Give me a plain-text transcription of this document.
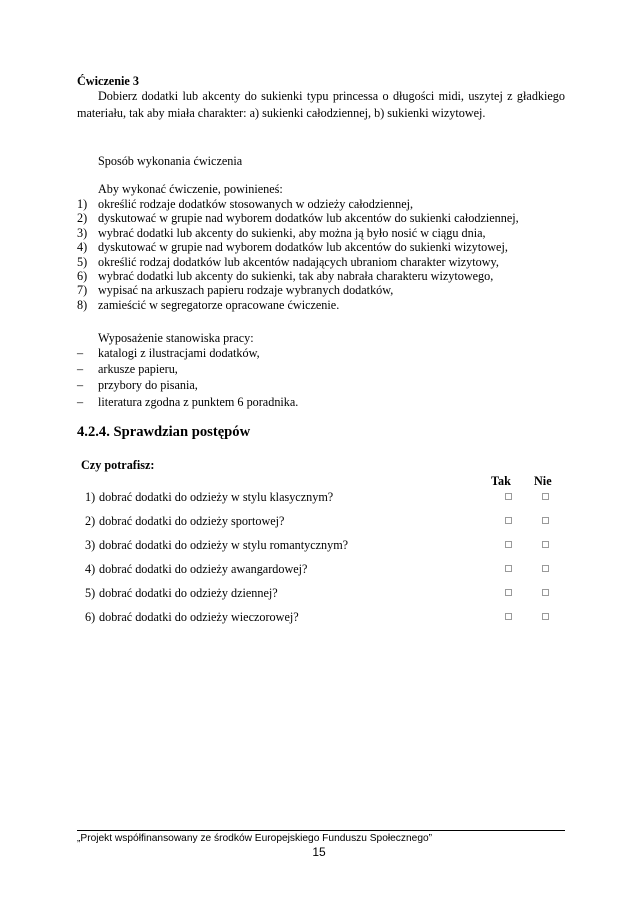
Ćwiczenie 3
Dobierz dodatki lub akcenty do sukienki typu princessa o długości midi, uszytej z gładkiego materiału, tak aby miała charakter: a) sukienki całodziennej, b) sukienki wizytowej.
Sposób wykonania ćwiczenia
Aby wykonać ćwiczenie, powinieneś:
1) określić rodzaje dodatków stosowanych w odzieży całodziennej,
2) dyskutować w grupie nad wyborem dodatków lub akcentów do sukienki całodziennej,
3) wybrać dodatki lub akcenty do sukienki, aby można ją było nosić w ciągu dnia,
4) dyskutować w grupie nad wyborem dodatków lub akcentów do sukienki wizytowej,
5) określić rodzaj dodatków lub akcentów nadających ubraniom charakter wizytowy,
6) wybrać dodatki lub akcenty do sukienki, tak aby nabrała charakteru wizytowego,
7) wypisać na arkuszach papieru rodzaje wybranych dodatków,
8) zamieścić w segregatorze opracowane ćwiczenie.
Wyposażenie stanowiska pracy:
– katalogi z ilustracjami dodatków,
– arkusze papieru,
– przybory do pisania,
– literatura zgodna z punktem 6 poradnika.
4.2.4. Sprawdzian postępów
Czy potrafisz:
Tak Nie
1) dobrać dodatki do odzieży w stylu klasycznym?
2) dobrać dodatki do odzieży sportowej?
3) dobrać dodatki do odzieży w stylu romantycznym?
4) dobrać dodatki do odzieży awangardowej?
5) dobrać dodatki do odzieży dziennej?
6) dobrać dodatki do odzieży wieczorowej?
„Projekt współfinansowany ze środków Europejskiego Funduszu Społecznego”
15
